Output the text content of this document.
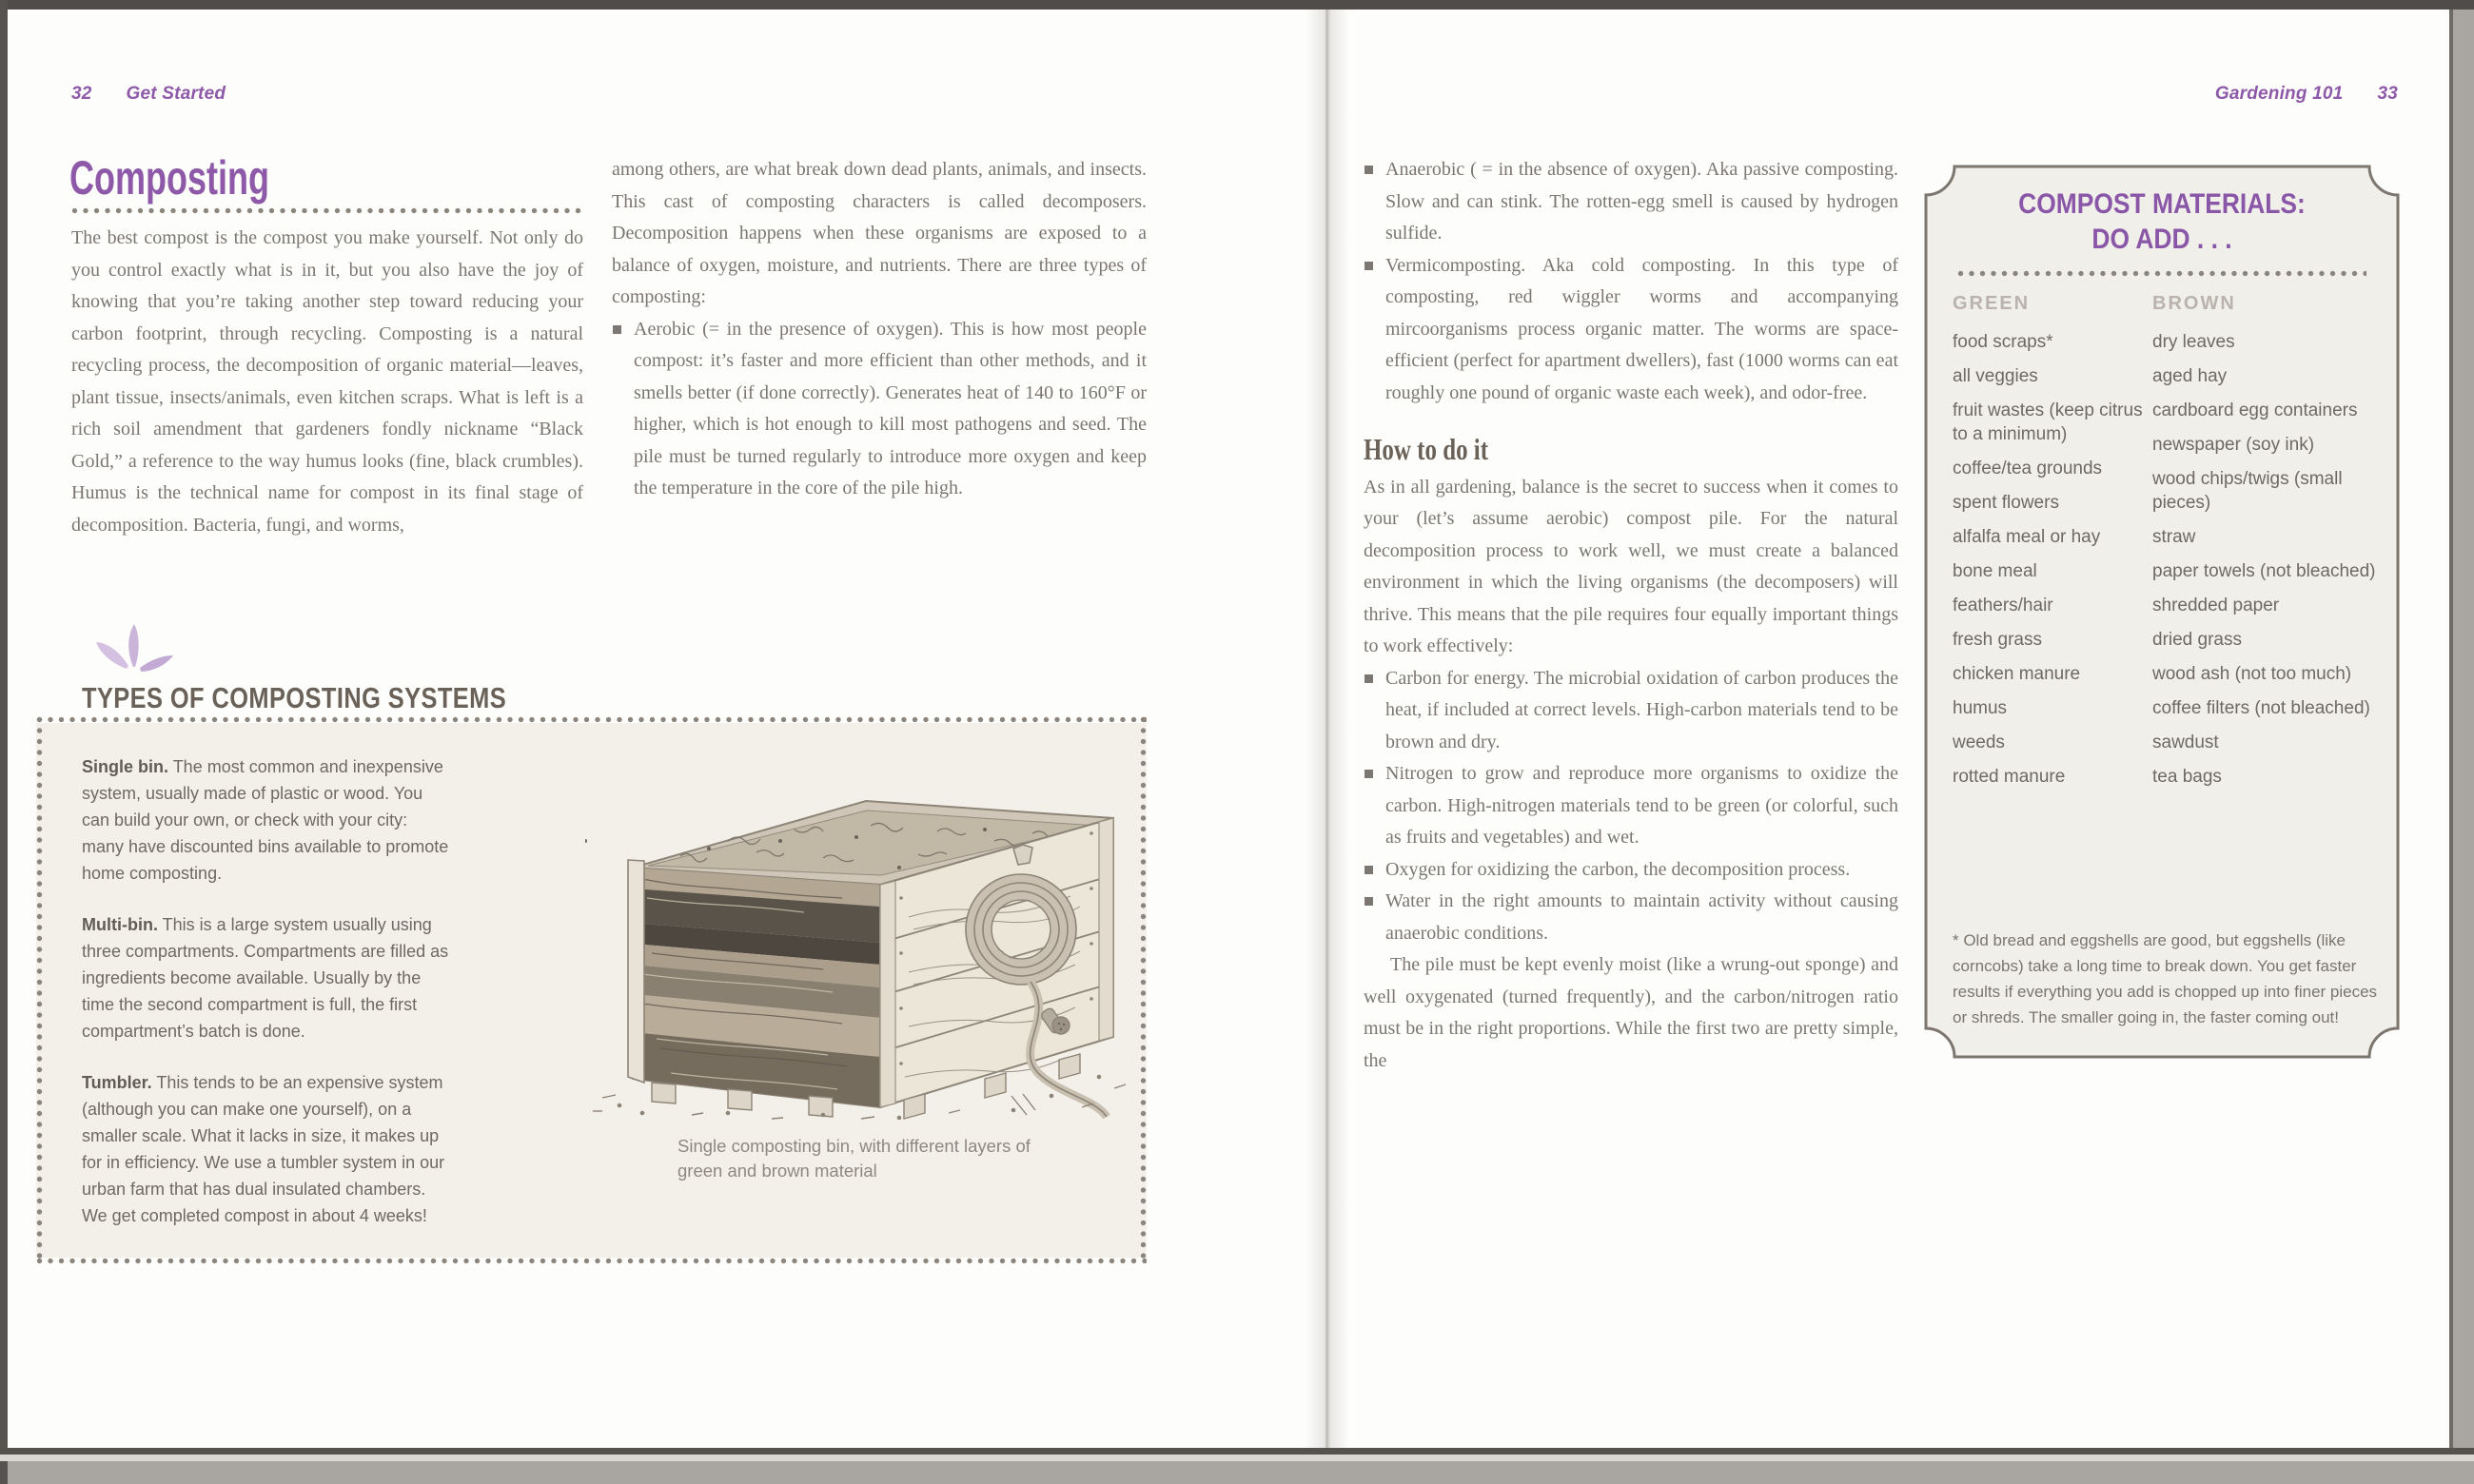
32 Get Started
Composting

The best compost is the compost you make yourself. Not only do you control exactly what is in it, but you also have the joy of knowing that you’re taking another step toward reducing your carbon footprint, through recycling. Composting is a natural recycling process, the decomposition of organic material—leaves, plant tissue, insects/animals, even kitchen scraps. What is left is a rich soil amendment that gardeners fondly nickname “Black Gold,” a reference to the way humus looks (fine, black crumbles). Humus is the technical name for compost in its final stage of decomposition. Bacteria, fungi, and worms,

among others, are what break down dead plants, animals, and insects. This cast of composting characters is called decomposers. Decomposition happens when these organisms are exposed to a balance of oxygen, moisture, and nutrients. There are three types of composting:

Aerobic (= in the presence of oxygen). This is how most people compost: it’s faster and more efficient than other methods, and it smells better (if done correctly). Generates heat of 140 to 160°F or higher, which is hot enough to kill most pathogens and seed. The pile must be turned regularly to introduce more oxygen and keep the temperature in the core of the pile high.

TYPES OF COMPOSTING SYSTEMS

Single bin. The most common and inexpensive system, usually made of plastic or wood. You can build your own, or check with your city: many have discounted bins available to promote home composting.

Multi-bin. This is a large system usually using three compartments. Compartments are filled as ingredients become available. Usually by the time the second compartment is full, the first compartment’s batch is done.

Tumbler. This tends to be an expensive system (although you can make one yourself), on a smaller scale. What it lacks in size, it makes up for in efficiency. We use a tumbler system in our urban farm that has dual insulated chambers. We get completed compost in about 4 weeks!

Single composting bin, with different layers of green and brown material
Gardening 101 33

Anaerobic ( = in the absence of oxygen). Aka passive composting. Slow and can stink. The rotten-egg smell is caused by hydrogen sulfide.

Vermicomposting. Aka cold composting. In this type of composting, red wiggler worms and accompanying mircoorganisms process organic matter. The worms are space-efficient (perfect for apartment dwellers), fast (1000 worms can eat roughly one pound of organic waste each week), and odor-free.

How to do it

As in all gardening, balance is the secret to success when it comes to your (let’s assume aerobic) compost pile. For the natural decomposition process to work well, we must create a balanced environment in which the living organisms (the decomposers) will thrive. This means that the pile requires four equally important things to work effectively:

Carbon for energy. The microbial oxidation of carbon produces the heat, if included at correct levels. High-carbon materials tend to be brown and dry.

Nitrogen to grow and reproduce more organisms to oxidize the carbon. High-nitrogen materials tend to be green (or colorful, such as fruits and vegetables) and wet.

Oxygen for oxidizing the carbon, the decomposition process.

Water in the right amounts to maintain activity without causing anaerobic conditions.

The pile must be kept evenly moist (like a wrung-out sponge) and well oxygenated (turned frequently), and the carbon/nitrogen ratio must be in the right proportions. While the first two are pretty simple, the

COMPOST MATERIALS:
DO ADD . . .

GREEN

food scraps*
all veggies
fruit wastes (keep citrus to a minimum)
coffee/tea grounds
spent flowers
alfalfa meal or hay
bone meal
feathers/hair
fresh grass
chicken manure
humus
weeds
rotted manure

BROWN

dry leaves
aged hay
cardboard egg containers
newspaper (soy ink)
wood chips/twigs (small pieces)
straw
paper towels (not bleached)
shredded paper
dried grass
wood ash (not too much)
coffee filters (not bleached)
sawdust
tea bags
* Old bread and eggshells are good, but eggshells (like corncobs) take a long time to break down. You get faster results if everything you add is chopped up into finer pieces or shreds. The smaller going in, the faster coming out!
